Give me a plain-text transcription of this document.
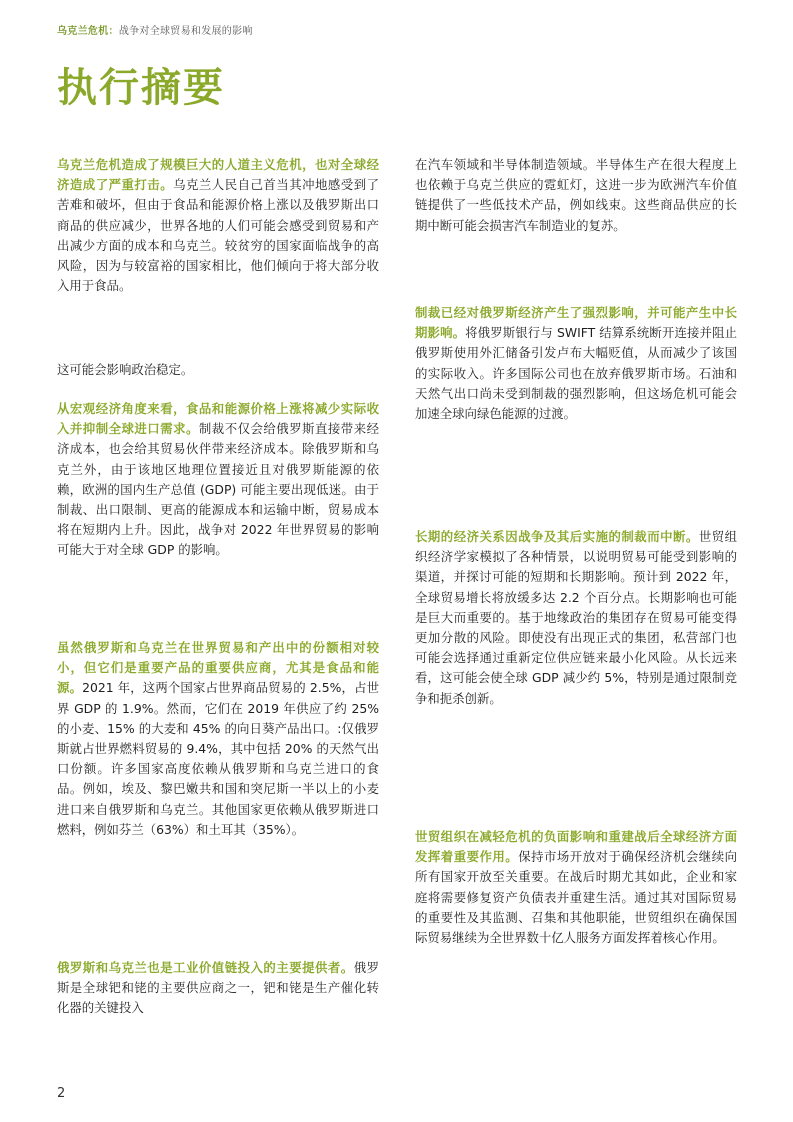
乌克兰危机：战争对全球贸易和发展的影响
执行摘要

乌克兰危机造成了规模巨大的人道主义危机，也对全球经济造成了严重打击。乌克兰人民自己首当其冲地感受到了苦难和破坏，但由于食品和能源价格上涨以及俄罗斯出口商品的供应减少，世界各地的人们可能会感受到贸易和产出减少方面的成本和乌克兰。较贫穷的国家面临战争的高风险，因为与较富裕的国家相比，他们倾向于将大部分收入用于食品。

这可能会影响政治稳定。

从宏观经济角度来看，食品和能源价格上涨将减少实际收入并抑制全球进口需求。制裁不仅会给俄罗斯直接带来经济成本，也会给其贸易伙伴带来经济成本。除俄罗斯和乌克兰外，由于该地区地理位置接近且对俄罗斯能源的依赖，欧洲的国内生产总值 (GDP) 可能主要出现低迷。由于制裁、出口限制、更高的能源成本和运输中断，贸易成本将在短期内上升。因此，战争对 2022 年世界贸易的影响可能大于对全球 GDP 的影响。

虽然俄罗斯和乌克兰在世界贸易和产出中的份额相对较小，但它们是重要产品的重要供应商，尤其是食品和能源。2021 年，这两个国家占世界商品贸易的 2.5%，占世界 GDP 的 1.9%。然而，它们在 2019 年供应了约 25% 的小麦、15% 的大麦和 45% 的向日葵产品出口。:仅俄罗斯就占世界燃料贸易的 9.4%，其中包括 20% 的天然气出口份额。许多国家高度依赖从俄罗斯和乌克兰进口的食品。例如，埃及、黎巴嫩共和国和突尼斯一半以上的小麦进口来自俄罗斯和乌克兰。其他国家更依赖从俄罗斯进口燃料，例如芬兰（63%）和土耳其（35%）。

俄罗斯和乌克兰也是工业价值链投入的主要提供者。俄罗斯是全球钯和铑的主要供应商之一，钯和铑是生产催化转化器的关键投入

在汽车领域和半导体制造领域。半导体生产在很大程度上也依赖于乌克兰供应的霓虹灯，这进一步为欧洲汽车价值链提供了一些低技术产品，例如线束。这些商品供应的长期中断可能会损害汽车制造业的复苏。

制裁已经对俄罗斯经济产生了强烈影响，并可能产生中长期影响。将俄罗斯银行与 SWIFT 结算系统断开连接并阻止俄罗斯使用外汇储备引发卢布大幅贬值，从而减少了该国的实际收入。许多国际公司也在放弃俄罗斯市场。石油和天然气出口尚未受到制裁的强烈影响，但这场危机可能会加速全球向绿色能源的过渡。

长期的经济关系因战争及其后实施的制裁而中断。世贸组织经济学家模拟了各种情景，以说明贸易可能受到影响的渠道，并探讨可能的短期和长期影响。预计到 2022 年，全球贸易增长将放缓多达 2.2 个百分点。长期影响也可能是巨大而重要的。基于地缘政治的集团存在贸易可能变得更加分散的风险。即使没有出现正式的集团，私营部门也可能会选择通过重新定位供应链来最小化风险。从长远来看，这可能会使全球 GDP 减少约 5%，特别是通过限制竞争和扼杀创新。

世贸组织在减轻危机的负面影响和重建战后全球经济方面发挥着重要作用。保持市场开放对于确保经济机会继续向所有国家开放至关重要。在战后时期尤其如此，企业和家庭将需要修复资产负债表并重建生活。通过其对国际贸易的重要性及其监测、召集和其他职能，世贸组织在确保国际贸易继续为全世界数十亿人服务方面发挥着核心作用。

2
